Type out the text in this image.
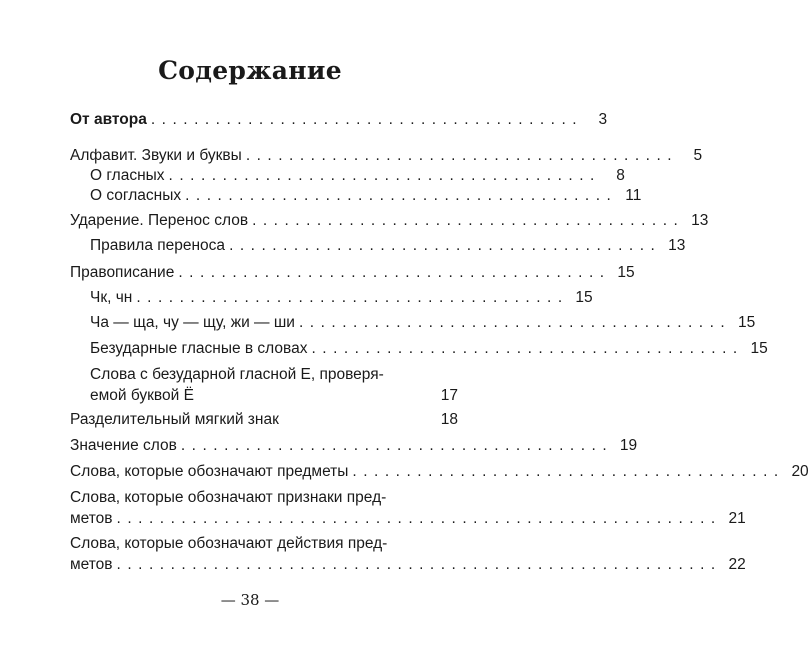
Содержание
От автора ........................................ 3
Алфавит. Звуки и буквы ........................................ 5
О гласных ........................................ 8
О согласных ........................................ 11
Ударение. Перенос слов ........................................ 13
Правила переноса ........................................ 13
Правописание ........................................ 15
Чк, чн ........................................ 15
Ча — ща, чу — щу, жи — ши ........................................ 15
Безударные гласные в словах ........................................ 15
Слова с безударной гласной Е, проверя-
емой буквой Ё	17
Разделительный мягкий знак	18
Значение слов ........................................ 19
Слова, которые обозначают предметы ........................................ 20
Слова, которые обозначают признаки пред-
метов ........................................................ 21
Слова, которые обозначают действия пред-
метов ........................................................ 22
— 38 —
